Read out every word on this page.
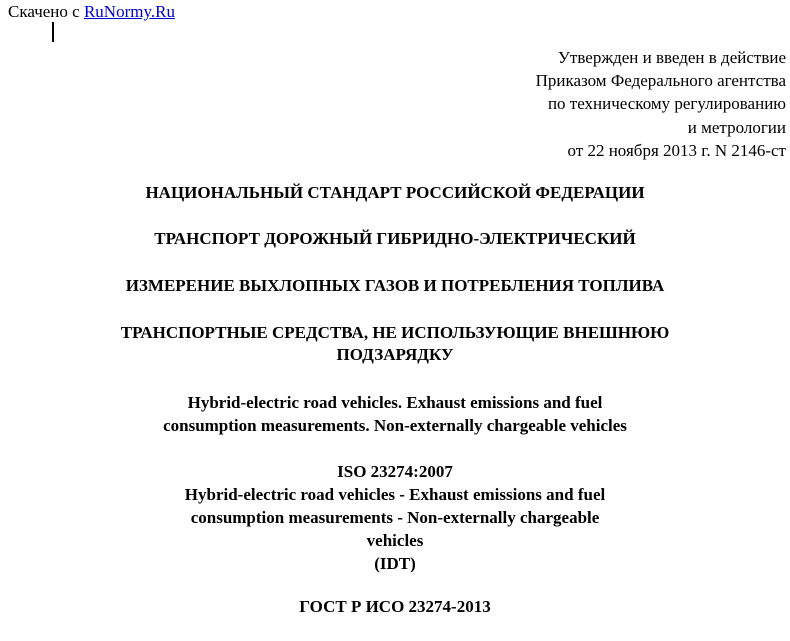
Скачено с RuNormy.Ru
Утвержден и введен в действие
Приказом Федерального агентства
по техническому регулированию
и метрологии
от 22 ноября 2013 г. N 2146-ст
НАЦИОНАЛЬНЫЙ СТАНДАРТ РОССИЙСКОЙ ФЕДЕРАЦИИ
ТРАНСПОРТ ДОРОЖНЫЙ ГИБРИДНО-ЭЛЕКТРИЧЕСКИЙ
ИЗМЕРЕНИЕ ВЫХЛОПНЫХ ГАЗОВ И ПОТРЕБЛЕНИЯ ТОПЛИВА
ТРАНСПОРТНЫЕ СРЕДСТВА, НЕ ИСПОЛЬЗУЮЩИЕ ВНЕШНЮЮ
ПОДЗАРЯДКУ
Hybrid-electric road vehicles. Exhaust emissions and fuel
consumption measurements. Non-externally chargeable vehicles
ISO 23274:2007
Hybrid-electric road vehicles - Exhaust emissions and fuel
consumption measurements - Non-externally chargeable
vehicles
(IDT)
ГОСТ Р ИСО 23274-2013
